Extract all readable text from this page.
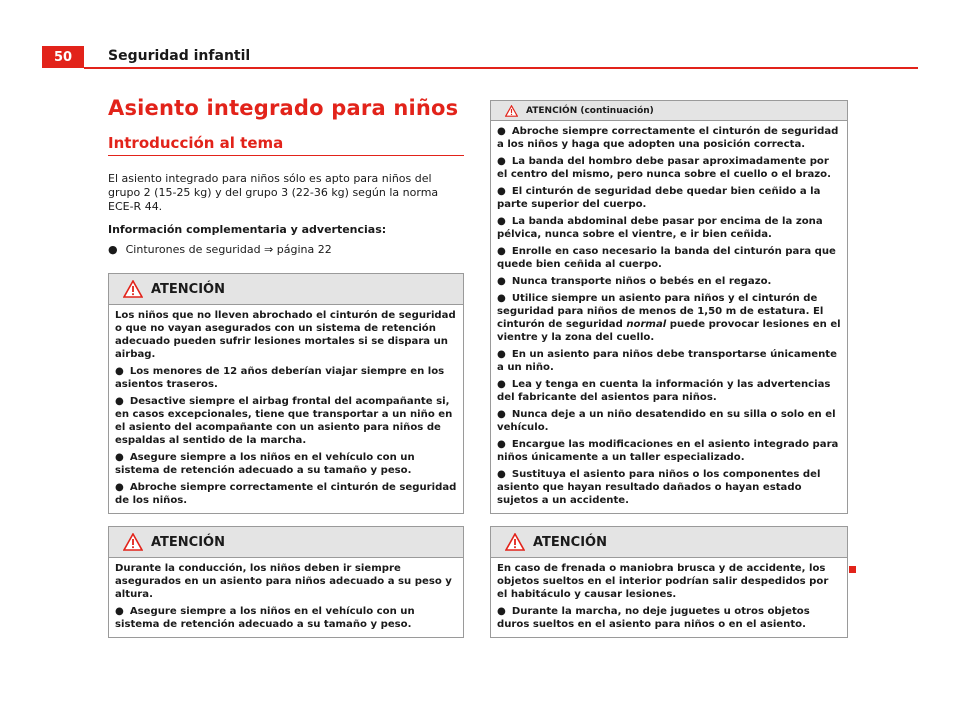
50	Seguridad infantil
Asiento integrado para niños
Introducción al tema
El asiento integrado para niños sólo es apto para niños del grupo 2 (15-25 kg) y del grupo 3 (22-36 kg) según la norma ECE-R 44.
Información complementaria y advertencias:
● Cinturones de seguridad ⇒ página 22
ATENCIÓN

Los niños que no lleven abrochado el cinturón de seguridad o que no vayan asegurados con un sistema de retención adecuado pueden sufrir lesiones mortales si se dispara un airbag.

● Los menores de 12 años deberían viajar siempre en los asientos traseros.

● Desactive siempre el airbag frontal del acompañante si, en casos excepcionales, tiene que transportar a un niño en el asiento del acompañante con un asiento para niños de espaldas al sentido de la marcha.

● Asegure siempre a los niños en el vehículo con un sistema de retención adecuado a su tamaño y peso.

● Abroche siempre correctamente el cinturón de seguridad de los niños.

ATENCIÓN

Durante la conducción, los niños deben ir siempre asegurados en un asiento para niños adecuado a su peso y altura.

● Asegure siempre a los niños en el vehículo con un sistema de retención adecuado a su tamaño y peso.

ATENCIÓN (continuación)

● Abroche siempre correctamente el cinturón de seguridad a los niños y haga que adopten una posición correcta.

● La banda del hombro debe pasar aproximadamente por el centro del mismo, pero nunca sobre el cuello o el brazo.

● El cinturón de seguridad debe quedar bien ceñido a la parte superior del cuerpo.

● La banda abdominal debe pasar por encima de la zona pélvica, nunca sobre el vientre, e ir bien ceñida.

● Enrolle en caso necesario la banda del cinturón para que quede bien ceñida al cuerpo.

● Nunca transporte niños o bebés en el regazo.

● Utilice siempre un asiento para niños y el cinturón de seguridad para niños de menos de 1,50 m de estatura. El cinturón de seguridad normal puede provocar lesiones en el vientre y la zona del cuello.

● En un asiento para niños debe transportarse únicamente a un niño.

● Lea y tenga en cuenta la información y las advertencias del fabricante del asientos para niños.

● Nunca deje a un niño desatendido en su silla o solo en el vehículo.

● Encargue las modificaciones en el asiento integrado para niños únicamente a un taller especializado.

● Sustituya el asiento para niños o los componentes del asiento que hayan resultado dañados o hayan estado sujetos a un accidente.

ATENCIÓN

En caso de frenada o maniobra brusca y de accidente, los objetos sueltos en el interior podrían salir despedidos por el habitáculo y causar lesiones.

● Durante la marcha, no deje juguetes u otros objetos duros sueltos en el asiento para niños o en el asiento.
